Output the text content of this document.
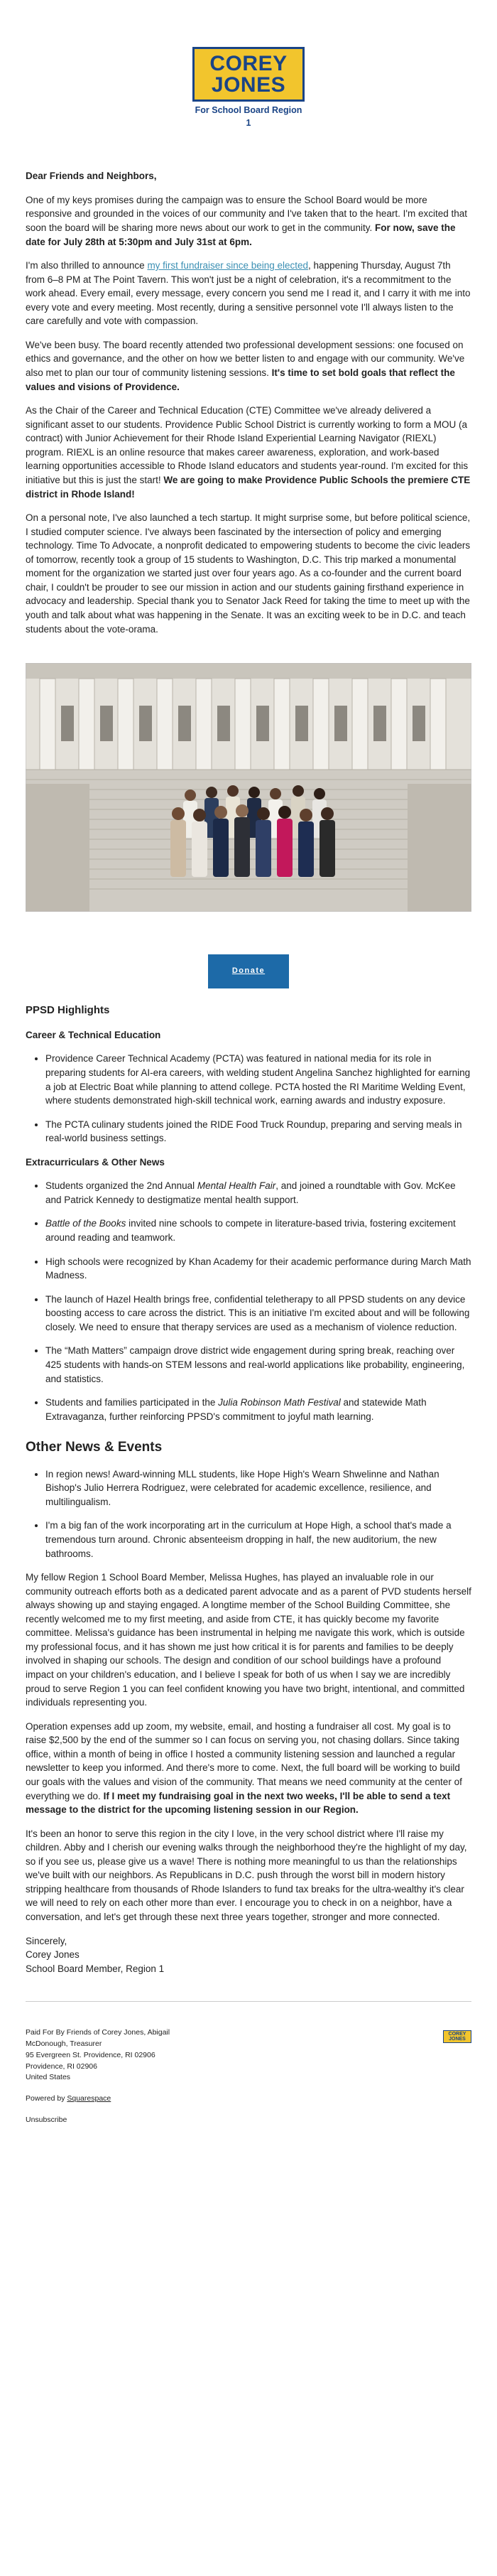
COREY
JONES
For School Board Region 1

Dear Friends and Neighbors,

One of my keys promises during the campaign was to ensure the School Board would be more responsive and grounded in the voices of our community and I've taken that to the heart. I'm excited that soon the board will be sharing more news about our work to get in the community. For now, save the date for July 28th at 5:30pm and July 31st at 6pm.

I'm also thrilled to announce my first fundraiser since being elected, happening Thursday, August 7th from 6–8 PM at The Point Tavern. This won't just be a night of celebration, it's a recommitment to the work ahead. Every email, every message, every concern you send me I read it, and I carry it with me into every vote and every meeting. Most recently, during a sensitive personnel vote I'll always listen to the care carefully and vote with compassion.

We've been busy. The board recently attended two professional development sessions: one focused on ethics and governance, and the other on how we better listen to and engage with our community. We've also met to plan our tour of community listening sessions. It's time to set bold goals that reflect the values and visions of Providence.

As the Chair of the Career and Technical Education (CTE) Committee we've already delivered a significant asset to our students. Providence Public School District is currently working to form a MOU (a contract) with Junior Achievement for their Rhode Island Experiential Learning Navigator (RIEXL) program. RIEXL is an online resource that makes career awareness, exploration, and work-based learning opportunities accessible to Rhode Island educators and students year-round. I'm excited for this initiative but this is just the start! We are going to make Providence Public Schools the premiere CTE district in Rhode Island!

On a personal note, I've also launched a tech startup. It might surprise some, but before political science, I studied computer science. I've always been fascinated by the intersection of policy and emerging technology. Time To Advocate, a nonprofit dedicated to empowering students to become the civic leaders of tomorrow, recently took a group of 15 students to Washington, D.C. This trip marked a monumental moment for the organization we started just over four years ago. As a co-founder and the current board chair, I couldn't be prouder to see our mission in action and our students gaining firsthand experience in advocacy and leadership. Special thank you to Senator Jack Reed for taking the time to meet up with the youth and talk about what was happening in the Senate. It was an exciting week to be in D.C. and teach students about the vote-orama.

Donate
PPSD Highlights
Career & Technical Education
• Providence Career Technical Academy (PCTA) was featured in national media for its role in preparing students for AI-era careers, with welding student Angelina Sanchez highlighted for earning a job at Electric Boat while planning to attend college. PCTA hosted the RI Maritime Welding Event, where students demonstrated high-skill technical work, earning awards and industry exposure.
• The PCTA culinary students joined the RIDE Food Truck Roundup, preparing and serving meals in real-world business settings.
Extracurriculars & Other News
• Students organized the 2nd Annual Mental Health Fair, and joined a roundtable with Gov. McKee and Patrick Kennedy to destigmatize mental health support.
• Battle of the Books invited nine schools to compete in literature-based trivia, fostering excitement around reading and teamwork.
• High schools were recognized by Khan Academy for their academic performance during March Math Madness.
• The launch of Hazel Health brings free, confidential teletherapy to all PPSD students on any device boosting access to care across the district. This is an initiative I'm excited about and will be following closely. We need to ensure that therapy services are used as a mechanism of violence reduction.
• The “Math Matters” campaign drove district wide engagement during spring break, reaching over 425 students with hands-on STEM lessons and real-world applications like probability, engineering, and statistics.
• Students and families participated in the Julia Robinson Math Festival and statewide Math Extravaganza, further reinforcing PPSD's commitment to joyful math learning.
Other News & Events
• In region news! Award-winning MLL students, like Hope High's Wearn Shwelinne and Nathan Bishop's Julio Herrera Rodriguez, were celebrated for academic excellence, resilience, and multilingualism.
• I'm a big fan of the work incorporating art in the curriculum at Hope High, a school that's made a tremendous turn around. Chronic absenteeism dropping in half, the new auditorium, the new bathrooms.

My fellow Region 1 School Board Member, Melissa Hughes, has played an invaluable role in our community outreach efforts both as a dedicated parent advocate and as a parent of PVD students herself always showing up and staying engaged. A longtime member of the School Building Committee, she recently welcomed me to my first meeting, and aside from CTE, it has quickly become my favorite committee. Melissa's guidance has been instrumental in helping me navigate this work, which is outside my professional focus, and it has shown me just how critical it is for parents and families to be deeply involved in shaping our schools. The design and condition of our school buildings have a profound impact on your children's education, and I believe I speak for both of us when I say we are incredibly proud to serve Region 1 you can feel confident knowing you have two bright, intentional, and committed individuals representing you.

Operation expenses add up zoom, my website, email, and hosting a fundraiser all cost. My goal is to raise $2,500 by the end of the summer so I can focus on serving you, not chasing dollars. Since taking office, within a month of being in office I hosted a community listening session and launched a regular newsletter to keep you informed. And there's more to come. Next, the full board will be working to build our goals with the values and vision of the community. That means we need community at the center of everything we do. If I meet my fundraising goal in the next two weeks, I'll be able to send a text message to the district for the upcoming listening session in our Region.

It's been an honor to serve this region in the city I love, in the very school district where I'll raise my children. Abby and I cherish our evening walks through the neighborhood they're the highlight of my day, so if you see us, please give us a wave! There is nothing more meaningful to us than the relationships we've built with our neighbors. As Republicans in D.C. push through the worst bill in modern history stripping healthcare from thousands of Rhode Islanders to fund tax breaks for the ultra-wealthy it's clear we will need to rely on each other more than ever. I encourage you to check in on a neighbor, have a conversation, and let's get through these next three years together, stronger and more connected.

Sincerely,
Corey Jones
School Board Member, Region 1

COREY
JONES
Paid For By Friends of Corey Jones, Abigail McDonough, Treasurer
95 Evergreen St. Providence, RI 02906
Providence, RI 02906
United States
Powered by Squarespace
Unsubscribe
